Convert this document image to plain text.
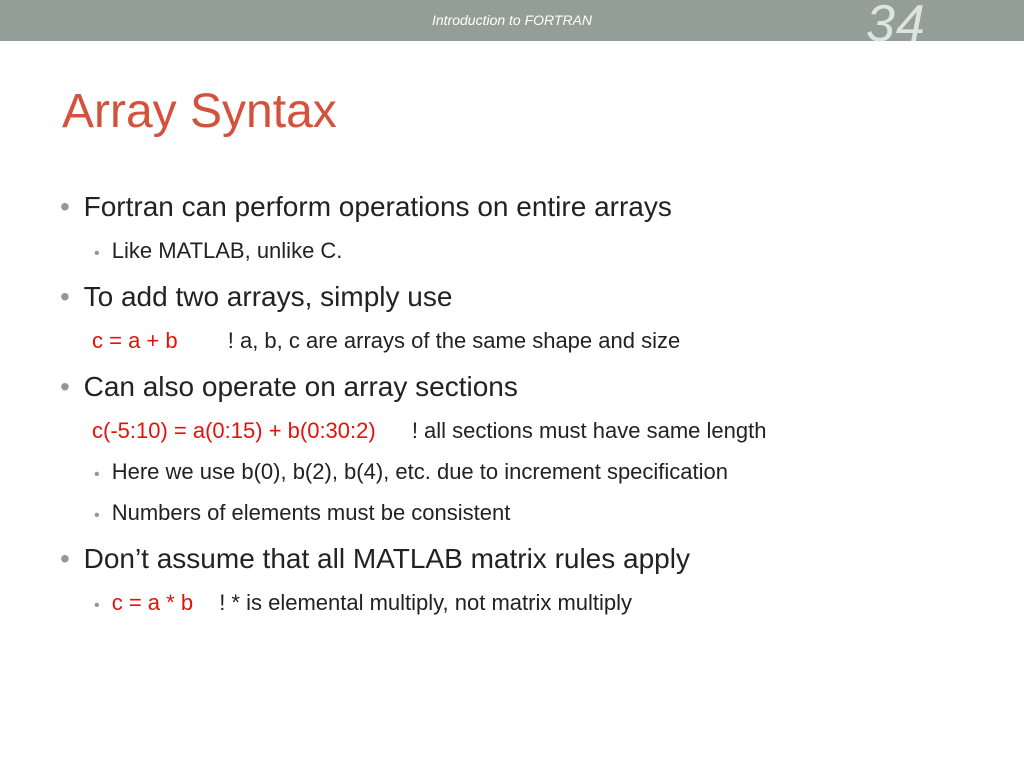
Introduction to FORTRAN	34
Array Syntax
• Fortran can perform operations on entire arrays
• Like MATLAB, unlike C.
• To add two arrays, simply use
c = a + b ! a, b, c are arrays of the same shape and size
• Can also operate on array sections
c(-5:10) = a(0:15) + b(0:30:2) ! all sections must have same length
• Here we use b(0), b(2), b(4), etc. due to increment specification
• Numbers of elements must be consistent
• Don’t assume that all MATLAB matrix rules apply
• c = a * b ! * is elemental multiply, not matrix multiply
